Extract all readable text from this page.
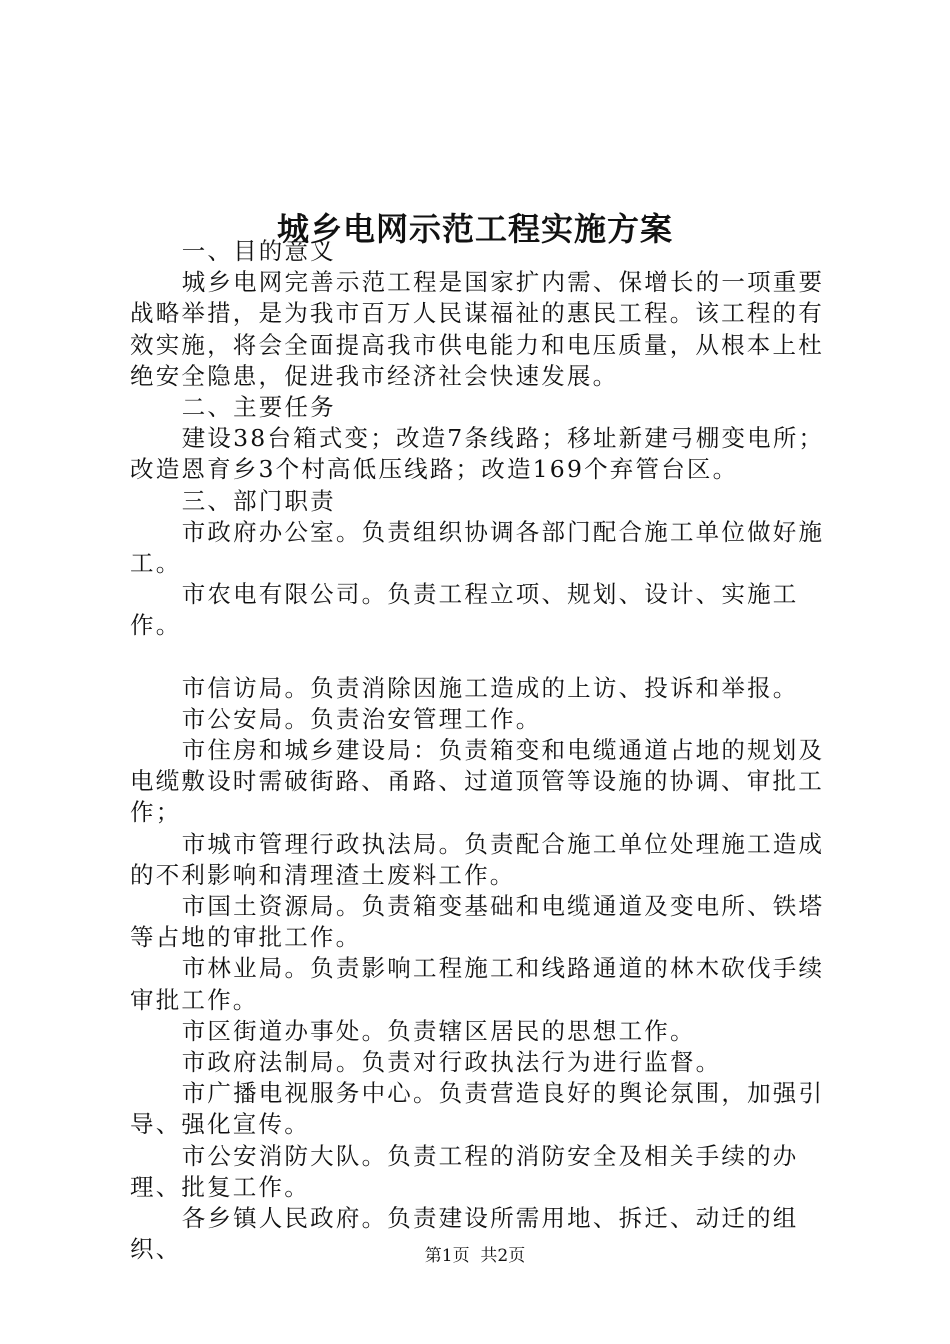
城乡电网示范工程实施方案

一、目的意义

城乡电网完善示范工程是国家扩内需、保增长的一项重要战略举措，是为我市百万人民谋福祉的惠民工程。该工程的有效实施，将会全面提高我市供电能力和电压质量，从根本上杜绝安全隐患，促进我市经济社会快速发展。

二、主要任务

建设38台箱式变；改造7条线路；移址新建弓棚变电所；改造恩育乡3个村高低压线路；改造169个弃管台区。

三、部门职责

市政府办公室。负责组织协调各部门配合施工单位做好施工。

市农电有限公司。负责工程立项、规划、设计、实施工作。

市信访局。负责消除因施工造成的上访、投诉和举报。

市公安局。负责治安管理工作。

市住房和城乡建设局：负责箱变和电缆通道占地的规划及电缆敷设时需破街路、甬路、过道顶管等设施的协调、审批工作；

市城市管理行政执法局。负责配合施工单位处理施工造成的不利影响和清理渣土废料工作。

市国土资源局。负责箱变基础和电缆通道及变电所、铁塔等占地的审批工作。

市林业局。负责影响工程施工和线路通道的林木砍伐手续审批工作。

市区街道办事处。负责辖区居民的思想工作。

市政府法制局。负责对行政执法行为进行监督。

市广播电视服务中心。负责营造良好的舆论氛围，加强引导、强化宣传。

市公安消防大队。负责工程的消防安全及相关手续的办理、批复工作。

各乡镇人民政府。负责建设所需用地、拆迁、动迁的组织、	第1页  共2页
